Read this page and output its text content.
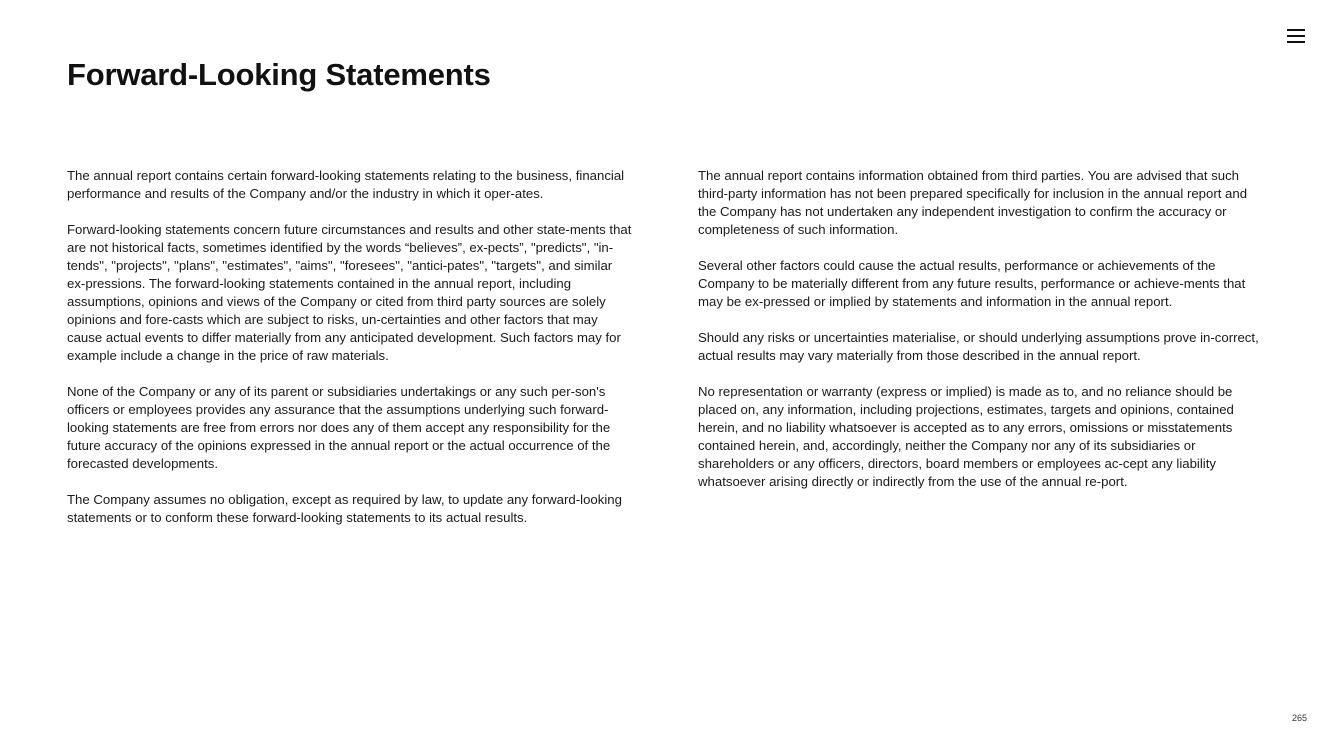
Forward-Looking Statements

The annual report contains certain forward-looking statements relating to the business, financial performance and results of the Company and/or the industry in which it oper-ates.

Forward-looking statements concern future circumstances and results and other state-ments that are not historical facts, sometimes identified by the words “believes”, ex-pects”, "predicts", "in-tends", "projects", "plans", "estimates", "aims", "foresees", "antici-pates", "targets", and similar ex-pressions. The forward-looking statements contained in the annual report, including assumptions, opinions and views of the Company or cited from third party sources are solely opinions and fore-casts which are subject to risks, un-certainties and other factors that may cause actual events to differ materially from any anticipated development. Such factors may for example include a change in the price of raw materials.

None of the Company or any of its parent or subsidiaries undertakings or any such per-son's officers or employees provides any assurance that the assumptions underlying such forward-looking statements are free from errors nor does any of them accept any responsibility for the future accuracy of the opinions expressed in the annual report or the actual occurrence of the forecasted developments.

The Company assumes no obligation, except as required by law, to update any forward-looking statements or to conform these forward-looking statements to its actual results.

The annual report contains information obtained from third parties. You are advised that such third-party information has not been prepared specifically for inclusion in the annual report and the Company has not undertaken any independent investigation to confirm the accuracy or completeness of such information.

Several other factors could cause the actual results, performance or achievements of the Company to be materially different from any future results, performance or achieve-ments that may be ex-pressed or implied by statements and information in the annual report.

Should any risks or uncertainties materialise, or should underlying assumptions prove in-correct, actual results may vary materially from those described in the annual report.

No representation or warranty (express or implied) is made as to, and no reliance should be placed on, any information, including projections, estimates, targets and opinions, contained herein, and no liability whatsoever is accepted as to any errors, omissions or misstatements contained herein, and, accordingly, neither the Company nor any of its subsidiaries or shareholders or any officers, directors, board members or employees ac-cept any liability whatsoever arising directly or indirectly from the use of the annual re-port.

265
